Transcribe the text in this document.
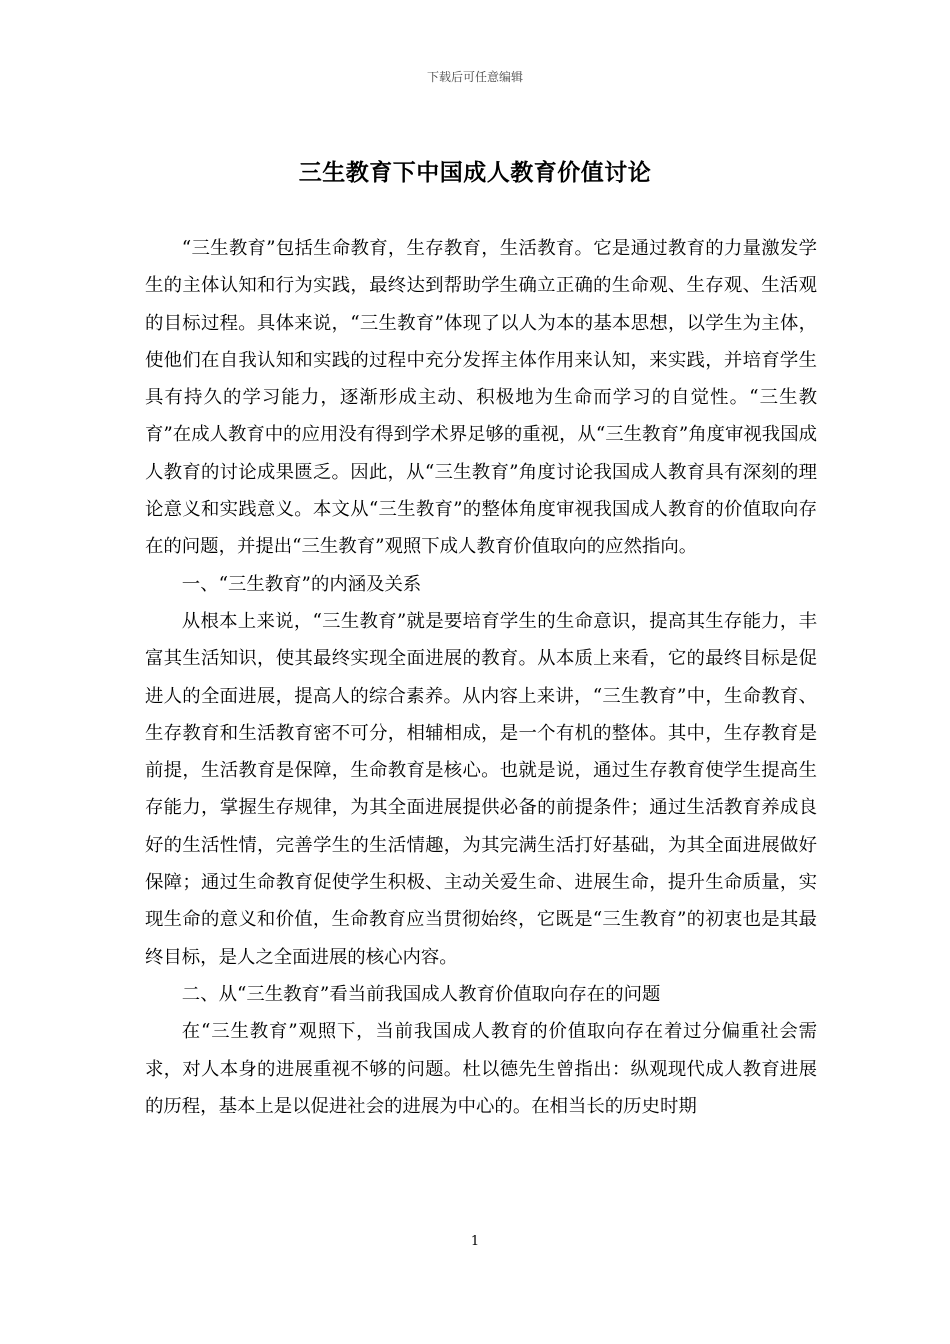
下载后可任意编辑
三生教育下中国成人教育价值讨论

“三生教育”包括生命教育，生存教育，生活教育。它是通过教育的力量激发学生的主体认知和行为实践，最终达到帮助学生确立正确的生命观、生存观、生活观的目标过程。具体来说，“三生教育”体现了以人为本的基本思想，以学生为主体，使他们在自我认知和实践的过程中充分发挥主体作用来认知，来实践，并培育学生具有持久的学习能力，逐渐形成主动、积极地为生命而学习的自觉性。“三生教育”在成人教育中的应用没有得到学术界足够的重视，从“三生教育”角度审视我国成人教育的讨论成果匮乏。因此，从“三生教育”角度讨论我国成人教育具有深刻的理论意义和实践意义。本文从“三生教育”的整体角度审视我国成人教育的价值取向存在的问题，并提出“三生教育”观照下成人教育价值取向的应然指向。

一、“三生教育”的内涵及关系

从根本上来说，“三生教育”就是要培育学生的生命意识，提高其生存能力，丰富其生活知识，使其最终实现全面进展的教育。从本质上来看，它的最终目标是促进人的全面进展，提高人的综合素养。从内容上来讲，“三生教育”中，生命教育、生存教育和生活教育密不可分，相辅相成，是一个有机的整体。其中，生存教育是前提，生活教育是保障，生命教育是核心。也就是说，通过生存教育使学生提高生存能力，掌握生存规律，为其全面进展提供必备的前提条件；通过生活教育养成良好的生活性情，完善学生的生活情趣，为其完满生活打好基础，为其全面进展做好保障；通过生命教育促使学生积极、主动关爱生命、进展生命，提升生命质量，实现生命的意义和价值，生命教育应当贯彻始终，它既是“三生教育”的初衷也是其最终目标，是人之全面进展的核心内容。

二、从“三生教育”看当前我国成人教育价值取向存在的问题

在“三生教育”观照下，当前我国成人教育的价值取向存在着过分偏重社会需求，对人本身的进展重视不够的问题。杜以德先生曾指出：纵观现代成人教育进展的历程，基本上是以促进社会的进展为中心的。在相当长的历史时期

1
